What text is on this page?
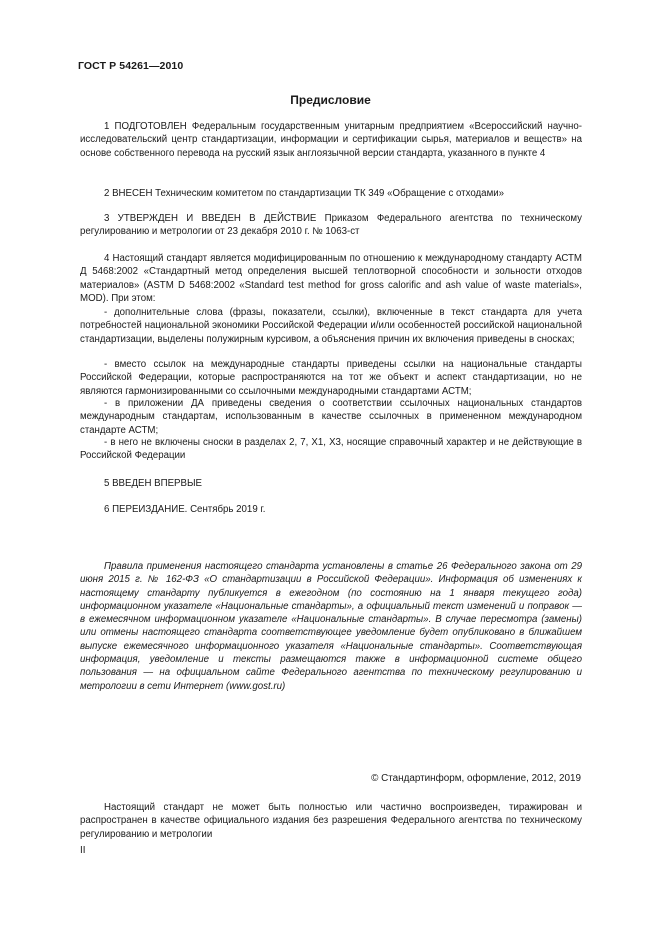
ГОСТ Р 54261—2010
Предисловие

1 ПОДГОТОВЛЕН Федеральным государственным унитарным предприятием «Всероссийский научно-исследовательский центр стандартизации, информации и сертификации сырья, материалов и веществ» на основе собственного перевода на русский язык англоязычной версии стандарта, указанного в пункте 4

2 ВНЕСЕН Техническим комитетом по стандартизации ТК 349 «Обращение с отходами»

3 УТВЕРЖДЕН И ВВЕДЕН В ДЕЙСТВИЕ Приказом Федерального агентства по техническому регулированию и метрологии от 23 декабря 2010 г. № 1063-ст

4 Настоящий стандарт является модифицированным по отношению к международному стандарту АСТМ Д 5468:2002 «Стандартный метод определения высшей теплотворной способности и зольности отходов материалов» (ASTM D 5468:2002 «Standard test method for gross calorific and ash value of waste materials», MOD). При этом:

- дополнительные слова (фразы, показатели, ссылки), включенные в текст стандарта для учета потребностей национальной экономики Российской Федерации и/или особенностей российской национальной стандартизации, выделены полужирным курсивом, а объяснения причин их включения приведены в сносках;

- вместо ссылок на международные стандарты приведены ссылки на национальные стандарты Российской Федерации, которые распространяются на тот же объект и аспект стандартизации, но не являются гармонизированными со ссылочными международными стандартами АСТМ;

- в приложении ДА приведены сведения о соответствии ссылочных национальных стандартов международным стандартам, использованным в качестве ссылочных в примененном международном стандарте АСТМ;

- в него не включены сноски в разделах 2, 7, X1, X3, носящие справочный характер и не действующие в Российской Федерации

5 ВВЕДЕН ВПЕРВЫЕ

6 ПЕРЕИЗДАНИЕ. Сентябрь 2019 г.

Правила применения настоящего стандарта установлены в статье 26 Федерального закона от 29 июня 2015 г. № 162-ФЗ «О стандартизации в Российской Федерации». Информация об изменениях к настоящему стандарту публикуется в ежегодном (по состоянию на 1 января текущего года) информационном указателе «Национальные стандарты», а официальный текст изменений и поправок — в ежемесячном информационном указателе «Национальные стандарты». В случае пересмотра (замены) или отмены настоящего стандарта соответствующее уведомление будет опубликовано в ближайшем выпуске ежемесячного информационного указателя «Национальные стандарты». Соответствующая информация, уведомление и тексты размещаются также в информационной системе общего пользования — на официальном сайте Федерального агентства по техническому регулированию и метрологии в сети Интернет (www.gost.ru)

© Стандартинформ, оформление, 2012, 2019

Настоящий стандарт не может быть полностью или частично воспроизведен, тиражирован и распространен в качестве официального издания без разрешения Федерального агентства по техническому регулированию и метрологии

II
